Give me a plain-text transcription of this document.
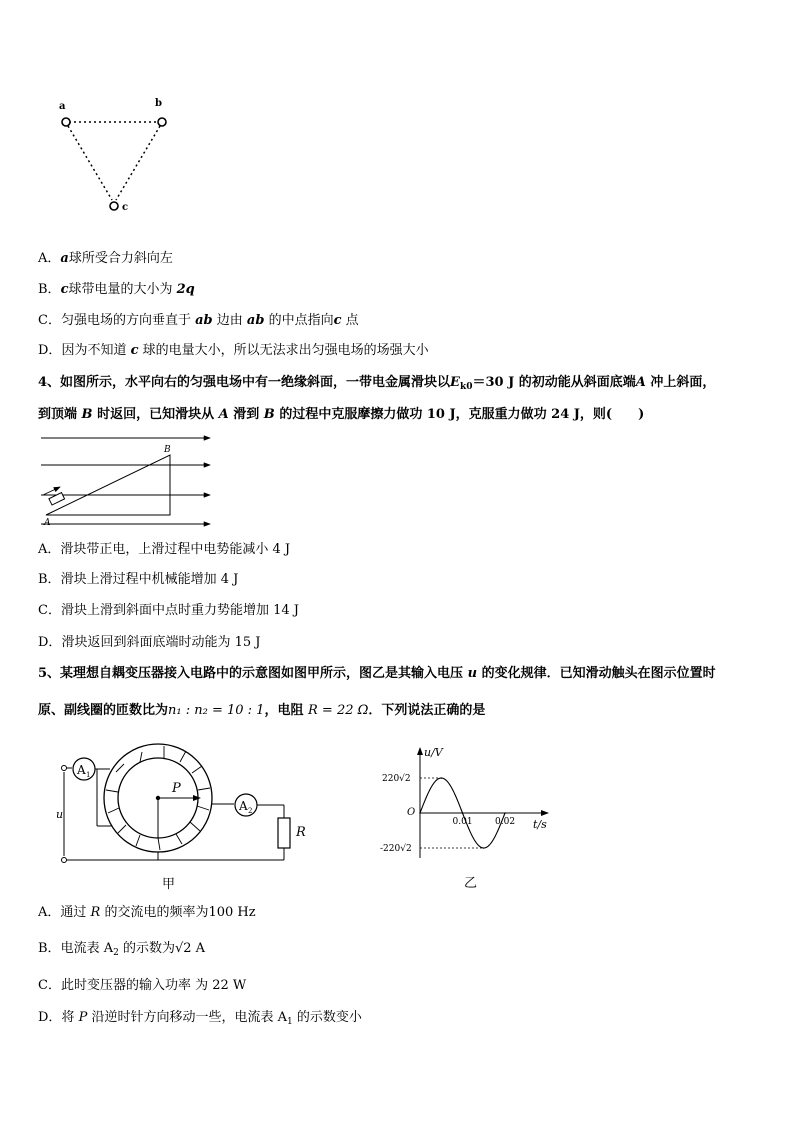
a	b
c
A．a球所受合力斜向左
B．c球带电量的大小为 2q
C．匀强电场的方向垂直于 ab 边由 ab 的中点指向c 点
D．因为不知道 c 球的电量大小，所以无法求出匀强电场的场强大小
4、如图所示，水平向右的匀强电场中有一绝缘斜面，一带电金属滑块以$E_{k0}=30$ J 的初动能从斜面底端A 冲上斜面，
到顶端 B 时返回，已知滑块从 A 滑到 B 的过程中克服摩擦力做功 10 J，克服重力做功 24 J，则(　　)
A
B
A．滑块带正电，上滑过程中电势能减小 4 J
B．滑块上滑过程中机械能增加 4 J
C．滑块上滑到斜面中点时重力势能增加 14 J
D．滑块返回到斜面底端时动能为 15 J
5、某理想自耦变压器接入电路中的示意图如图甲所示，图乙是其输入电压 u 的变化规律．已知滑动触头在图示位置时
原、副线圈的匝数比为n₁ : n₂ = 10 : 1，电阻 R = 22 Ω．下列说法正确的是
A 1
P
A 2
R
u
甲
u/V
t/s
O
0.01 0.02
220√2
-220√2
乙
A．通过 R 的交流电的频率为100 Hz
B．电流表 $A_2$ 的示数为√2 A
C．此时变压器的输入功率 为 22 W
D．将 P 沿逆时针方向移动一些，电流表 $A_1$ 的示数变小
